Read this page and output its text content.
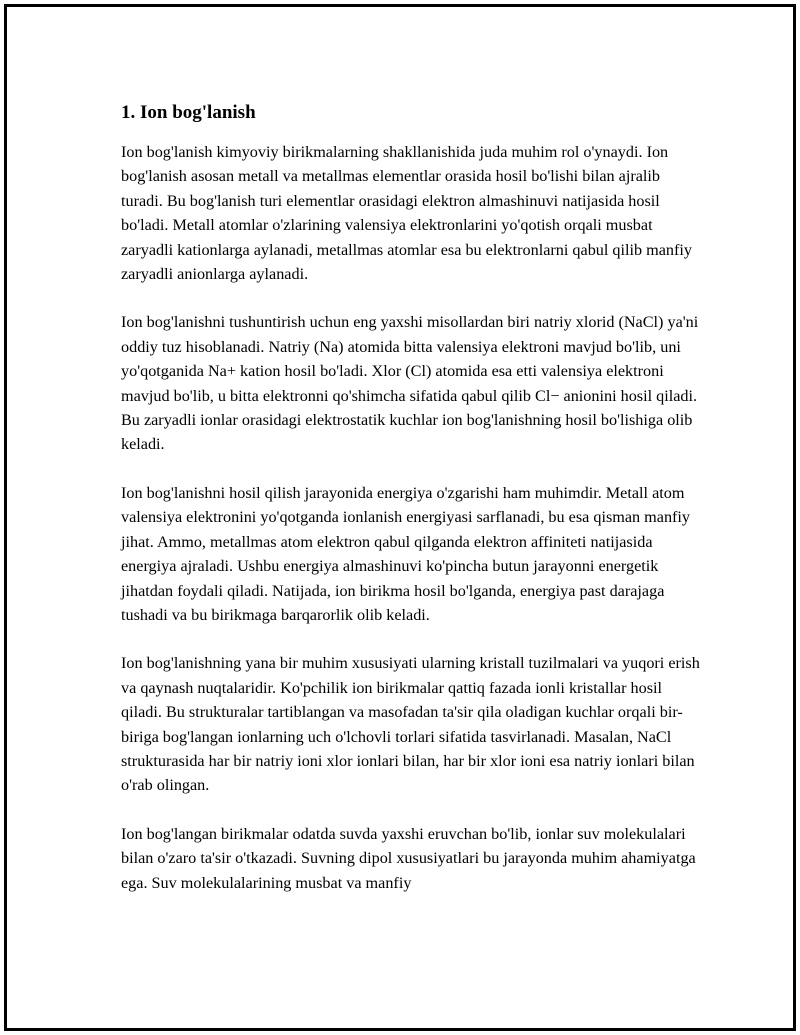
1. Ion bog'lanish

Ion bog'lanish kimyoviy birikmalarning shakllanishida juda muhim rol o'ynaydi. Ion bog'lanish asosan metall va metallmas elementlar orasida hosil bo'lishi bilan ajralib turadi. Bu bog'lanish turi elementlar orasidagi elektron almashinuvi natijasida hosil bo'ladi. Metall atomlar o'zlarining valensiya elektronlarini yo'qotish orqali musbat zaryadli kationlarga aylanadi, metallmas atomlar esa bu elektronlarni qabul qilib manfiy zaryadli anionlarga aylanadi.

Ion bog'lanishni tushuntirish uchun eng yaxshi misollardan biri natriy xlorid (NaCl) ya'ni oddiy tuz hisoblanadi. Natriy (Na) atomida bitta valensiya elektroni mavjud bo'lib, uni yo'qotganida Na+ kation hosil bo'ladi. Xlor (Cl) atomida esa etti valensiya elektroni mavjud bo'lib, u bitta elektronni qo'shimcha sifatida qabul qilib Cl− anionini hosil qiladi. Bu zaryadli ionlar orasidagi elektrostatik kuchlar ion bog'lanishning hosil bo'lishiga olib keladi.

Ion bog'lanishni hosil qilish jarayonida energiya o'zgarishi ham muhimdir. Metall atom valensiya elektronini yo'qotganda ionlanish energiyasi sarflanadi, bu esa qisman manfiy jihat. Ammo, metallmas atom elektron qabul qilganda elektron affiniteti natijasida energiya ajraladi. Ushbu energiya almashinuvi ko'pincha butun jarayonni energetik jihatdan foydali qiladi. Natijada, ion birikma hosil bo'lganda, energiya past darajaga tushadi va bu birikmaga barqarorlik olib keladi.

Ion bog'lanishning yana bir muhim xususiyati ularning kristall tuzilmalari va yuqori erish va qaynash nuqtalaridir. Ko'pchilik ion birikmalar qattiq fazada ionli kristallar hosil qiladi. Bu strukturalar tartiblangan va masofadan ta'sir qila oladigan kuchlar orqali bir-biriga bog'langan ionlarning uch o'lchovli torlari sifatida tasvirlanadi. Masalan, NaCl strukturasida har bir natriy ioni xlor ionlari bilan, har bir xlor ioni esa natriy ionlari bilan o'rab olingan.

Ion bog'langan birikmalar odatda suvda yaxshi eruvchan bo'lib, ionlar suv molekulalari bilan o'zaro ta'sir o'tkazadi. Suvning dipol xususiyatlari bu jarayonda muhim ahamiyatga ega. Suv molekulalarining musbat va manfiy
